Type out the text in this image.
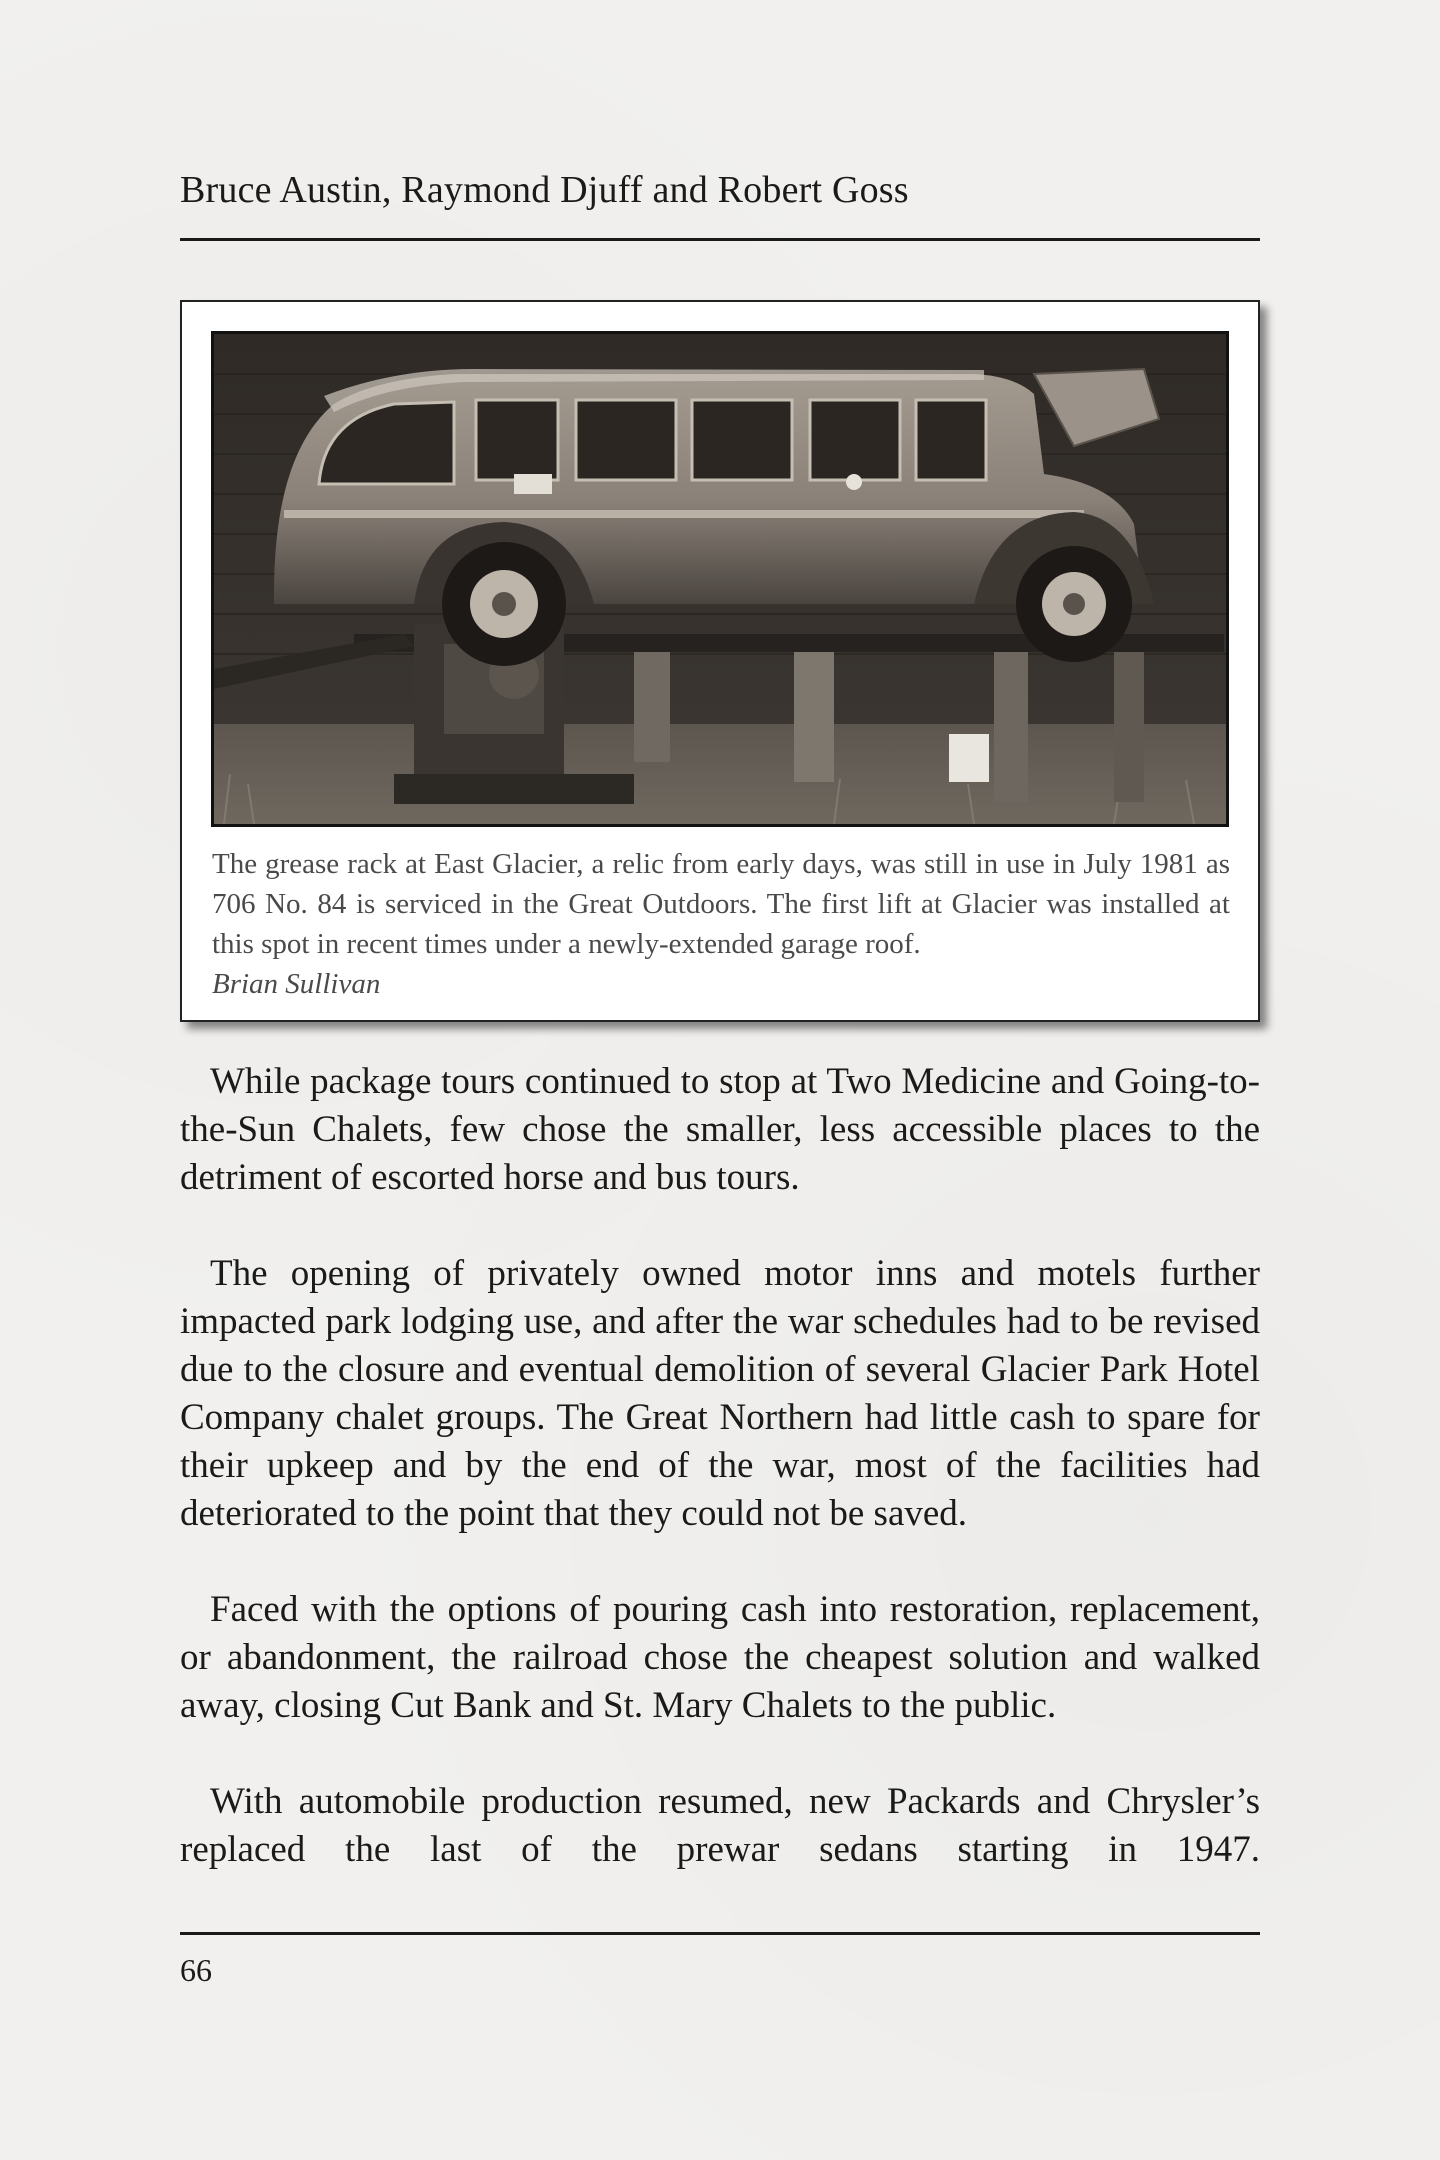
Bruce Austin, Raymond Djuff and Robert Goss
The grease rack at East Glacier, a relic from early days, was still in use in July 1981 as 706 No. 84 is serviced in the Great Outdoors. The first lift at Glacier was installed at this spot in recent times under a newly-extended garage roof.
Brian Sullivan

While package tours continued to stop at Two Medicine and Going-to-the-Sun Chalets, few chose the smaller, less accessible places to the detriment of escorted horse and bus tours.

The opening of privately owned motor inns and motels further impacted park lodging use, and after the war schedules had to be revised due to the closure and eventual demolition of several Glacier Park Hotel Company chalet groups. The Great Northern had little cash to spare for their upkeep and by the end of the war, most of the facilities had deteriorated to the point that they could not be saved.

Faced with the options of pouring cash into restoration, replacement, or abandonment, the railroad chose the cheapest solution and walked away, closing Cut Bank and St. Mary Chalets to the public.

With automobile production resumed, new Packards and Chrysler’s replaced the last of the prewar sedans starting in 1947.

66
